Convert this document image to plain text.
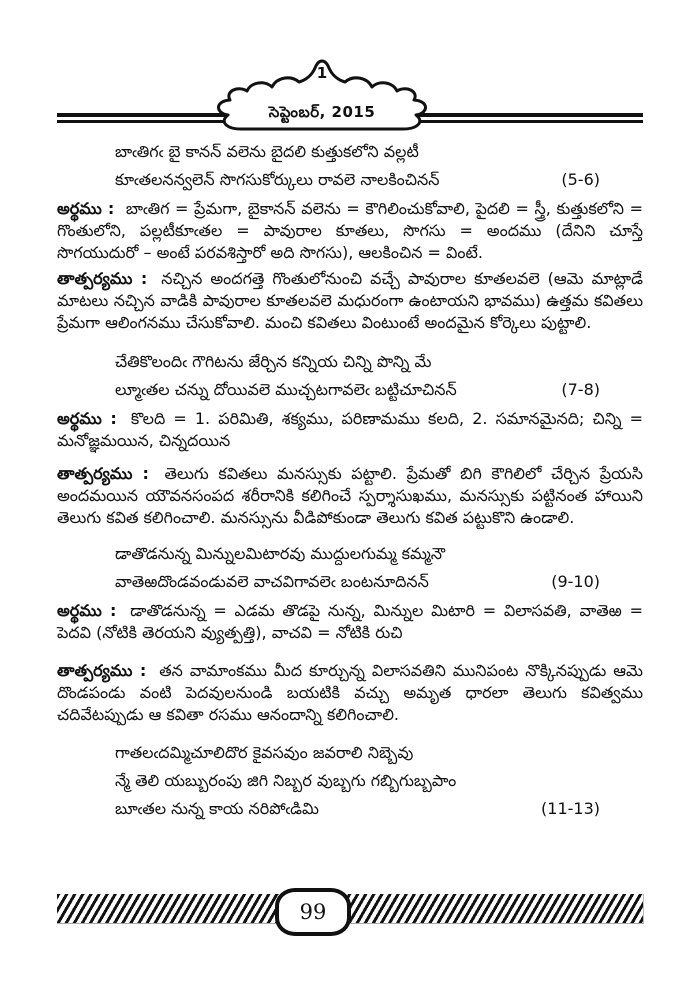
1
సెప్టెంబర్, 2015
బాఁతిగఁ బై కానన్ వలెను బైదలి కుత్తుకలోని వల్లటీ
కూఁతలనన్వలెన్ సొగసుకోర్కులు రావలె నాలకించినన్	(5-6)

అర్థము : బాఁతిగ = ప్రేమగా, బైకానన్ వలెను = కౌగిలించుకోవాలి, పైదలి = స్త్రీ, కుత్తుకలోని = గొంతులోని, పల్లటీకూఁతల = పావురాల కూతలు, సొగసు = అందము (దేనిని చూస్తే సొగయుదురో – అంటే పరవశిస్తారో అది సొగసు), ఆలకించిన = వింటే.

తాత్పర్యము : నచ్చిన అందగత్తె గొంతులోనుంచి వచ్చే పావురాల కూతలవలె (ఆమె మాట్లాడే మాటలు నచ్చిన వాడికి పావురాల కూతలవలె మధురంగా ఉంటాయని భావము) ఉత్తమ కవితలు ప్రేమగా ఆలింగనము చేసుకోవాలి. మంచి కవితలు వింటుంటే అందమైన కోర్కెలు పుట్టాలి.

చేతికొలందిఁ గౌగిటను జేర్చిన కన్నియ చిన్ని పొన్ని మే
ల్మూఁతల చన్ను దోయివలె ముచ్చటగావలెఁ బట్టిచూచినన్	(7-8)

అర్థము : కొలది = 1. పరిమితి, శక్యము, పరిణామము కలది, 2. సమానమైనది; చిన్ని = మనోజ్ఞమయిన, చిన్నదయిన

తాత్పర్యము : తెలుగు కవితలు మనస్సుకు పట్టాలి. ప్రేమతో బిగి కౌగిలిలో చేర్చిన ప్రేయసి అందమయిన యౌవనసంపద శరీరానికి కలిగించే స్పర్శాసుఖము, మనస్సుకు పట్టినంత హాయిని తెలుగు కవిత కలిగించాలి. మనస్సును వీడిపోకుండా తెలుగు కవిత పట్టుకొని ఉండాలి.

డాతొడనున్న మిన్నులమిటారవు ముద్దులగుమ్మ కమ్మనౌ
వాతెఱదొండవండువలె వాచవిగావలెఁ బంటనూదినన్	(9-10)

అర్థము : డాతొడనున్న = ఎడమ తొడపై నున్న, మిన్నుల మిటారి = విలాసవతి, వాతెఱ = పెదవి (నోటికి తెరయని వ్యుత్పత్తి), వాచవి = నోటికి రుచి

తాత్పర్యము : తన వామాంకము మీద కూర్చున్న విలాసవతిని మునిపంట నొక్కినప్పుడు ఆమె దొండపండు వంటి పెదవులనుండి బయటికి వచ్చు అమృత ధారలా తెలుగు కవిత్వము చదివేటప్పుడు ఆ కవితా రసము ఆనందాన్ని కలిగించాలి.

గాతలఁదమ్మిచూలిదొర కైవసవుం జవరాలి నిబ్బెవు
న్మే తెలి యబ్బురంపు జిగి నిబ్బర వుబ్బగు గబ్బిగుబ్బపాం
బూఁతల నున్న కాయ నరిపోఁడిమి	(11-13)
99
